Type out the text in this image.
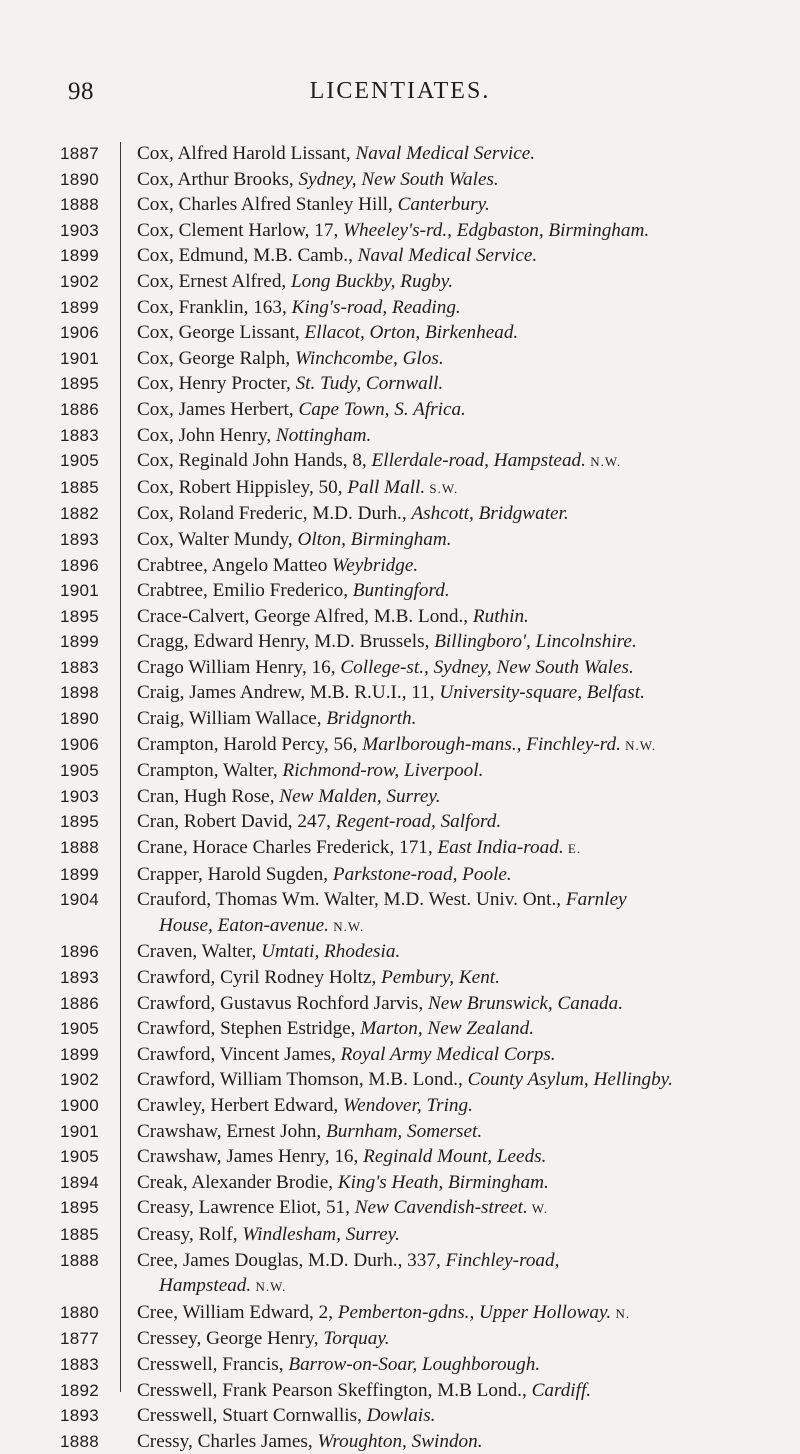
98	LICENTIATES.
1887	Cox, Alfred Harold Lissant, Naval Medical Service.
1890	Cox, Arthur Brooks, Sydney, New South Wales.
1888	Cox, Charles Alfred Stanley Hill, Canterbury.
1903	Cox, Clement Harlow, 17, Wheeley's-rd., Edgbaston, Birmingham.
1899	Cox, Edmund, M.B. Camb., Naval Medical Service.
1902	Cox, Ernest Alfred, Long Buckby, Rugby.
1899	Cox, Franklin, 163, King's-road, Reading.
1906	Cox, George Lissant, Ellacot, Orton, Birkenhead.
1901	Cox, George Ralph, Winchcombe, Glos.
1895	Cox, Henry Procter, St. Tudy, Cornwall.
1886	Cox, James Herbert, Cape Town, S. Africa.
1883	Cox, John Henry, Nottingham.
1905	Cox, Reginald John Hands, 8, Ellerdale-road, Hampstead. N.W.
1885	Cox, Robert Hippisley, 50, Pall Mall. S.W.
1882	Cox, Roland Frederic, M.D. Durh., Ashcott, Bridgwater.
1893	Cox, Walter Mundy, Olton, Birmingham.
1896	Crabtree, Angelo Matteo Weybridge.
1901	Crabtree, Emilio Frederico, Buntingford.
1895	Crace-Calvert, George Alfred, M.B. Lond., Ruthin.
1899	Cragg, Edward Henry, M.D. Brussels, Billingboro', Lincolnshire.
1883	Crago William Henry, 16, College-st., Sydney, New South Wales.
1898	Craig, James Andrew, M.B. R.U.I., 11, University-square, Belfast.
1890	Craig, William Wallace, Bridgnorth.
1906	Crampton, Harold Percy, 56, Marlborough-mans., Finchley-rd. N.W.
1905	Crampton, Walter, Richmond-row, Liverpool.
1903	Cran, Hugh Rose, New Malden, Surrey.
1895	Cran, Robert David, 247, Regent-road, Salford.
1888	Crane, Horace Charles Frederick, 171, East India-road. E.
1899	Crapper, Harold Sugden, Parkstone-road, Poole.
1904	Crauford, Thomas Wm. Walter, M.D. West. Univ. Ont., Farnley
House, Eaton-avenue. N.W.
1896	Craven, Walter, Umtati, Rhodesia.
1893	Crawford, Cyril Rodney Holtz, Pembury, Kent.
1886	Crawford, Gustavus Rochford Jarvis, New Brunswick, Canada.
1905	Crawford, Stephen Estridge, Marton, New Zealand.
1899	Crawford, Vincent James, Royal Army Medical Corps.
1902	Crawford, William Thomson, M.B. Lond., County Asylum, Hellingby.
1900	Crawley, Herbert Edward, Wendover, Tring.
1901	Crawshaw, Ernest John, Burnham, Somerset.
1905	Crawshaw, James Henry, 16, Reginald Mount, Leeds.
1894	Creak, Alexander Brodie, King's Heath, Birmingham.
1895	Creasy, Lawrence Eliot, 51, New Cavendish-street. W.
1885	Creasy, Rolf, Windlesham, Surrey.
1888	Cree, James Douglas, M.D. Durh., 337, Finchley-road,
Hampstead. N.W.
1880	Cree, William Edward, 2, Pemberton-gdns., Upper Holloway. N.
1877	Cressey, George Henry, Torquay.
1883	Cresswell, Francis, Barrow-on-Soar, Loughborough.
1892	Cresswell, Frank Pearson Skeffington, M.B Lond., Cardiff.
1893	Cresswell, Stuart Cornwallis, Dowlais.
1888	Cressy, Charles James, Wroughton, Swindon.
